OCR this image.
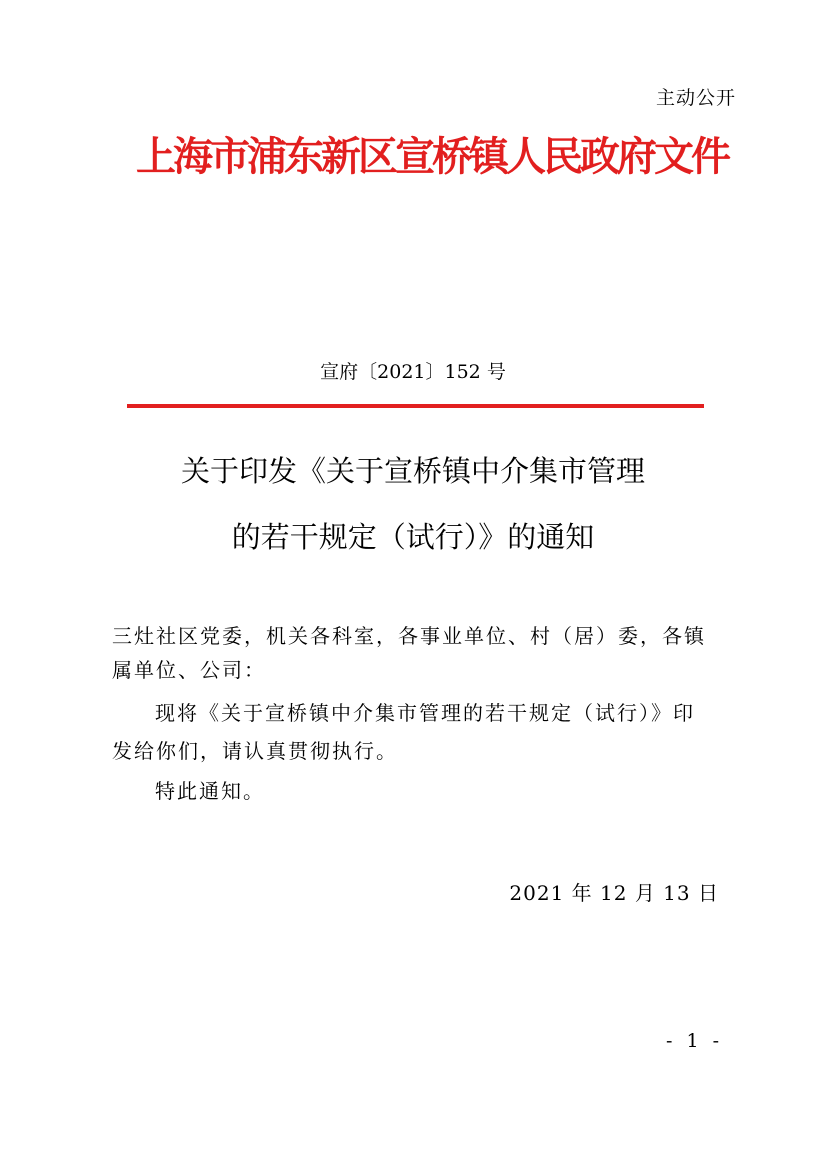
主动公开
上海市浦东新区宣桥镇人民政府文件
宣府〔2021〕152 号
关于印发《关于宣桥镇中介集市管理
的若干规定（试行）》的通知
三灶社区党委，机关各科室，各事业单位、村（居）委，各镇
属单位、公司：
现将《关于宣桥镇中介集市管理的若干规定（试行）》印
发给你们，请认真贯彻执行。
特此通知。
2021 年 12 月 13 日
- 1 -
